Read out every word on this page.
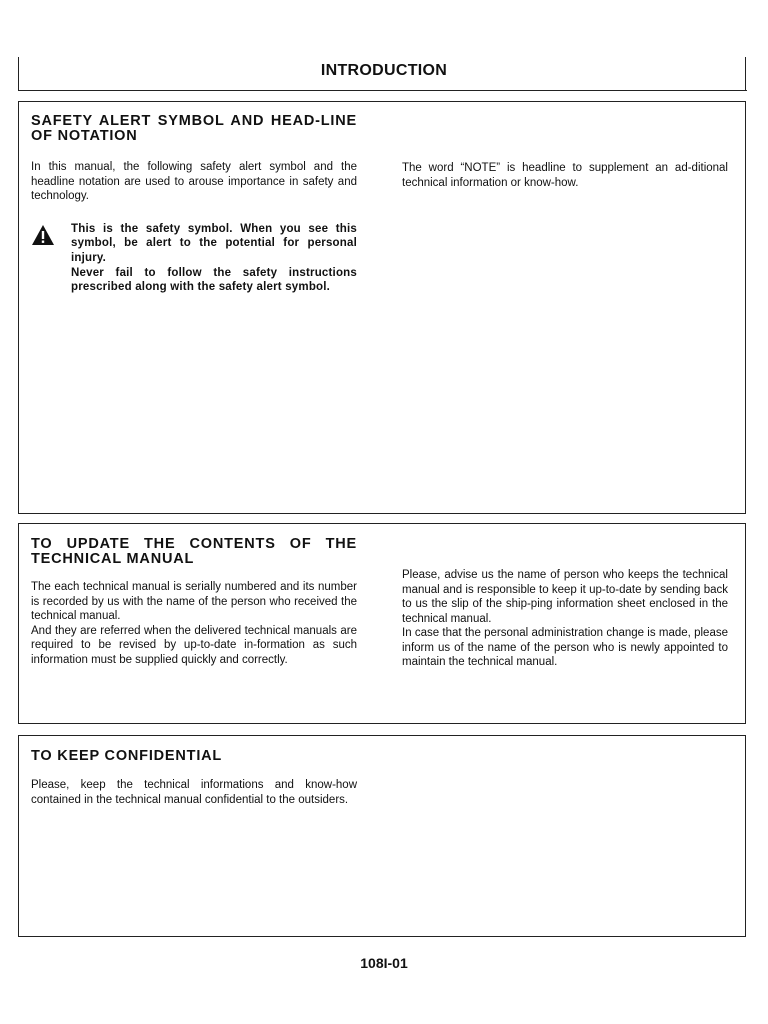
INTRODUCTION
SAFETY ALERT SYMBOL AND HEAD-LINE OF NOTATION

In this manual, the following safety alert symbol and the headline notation are used to arouse importance in safety and technology.

This is the safety symbol. When you see this symbol, be alert to the potential for personal injury.
Never fail to follow the safety instructions prescribed along with the safety alert symbol.

The word “NOTE” is headline to supplement an ad-ditional technical information or know-how.

TO UPDATE THE CONTENTS OF THE TECHNICAL MANUAL

The each technical manual is serially numbered and its number is recorded by us with the name of the person who received the technical manual.
And they are referred when the delivered technical manuals are required to be revised by up-to-date in-formation as such information must be supplied quickly and correctly.

Please, advise us the name of person who keeps the technical manual and is responsible to keep it up-to-date by sending back to us the slip of the ship-ping information sheet enclosed in the technical manual.
In case that the personal administration change is made, please inform us of the name of the person who is newly appointed to maintain the technical manual.

TO KEEP CONFIDENTIAL

Please, keep the technical informations and know-how contained in the technical manual confidential to the outsiders.

108I-01
